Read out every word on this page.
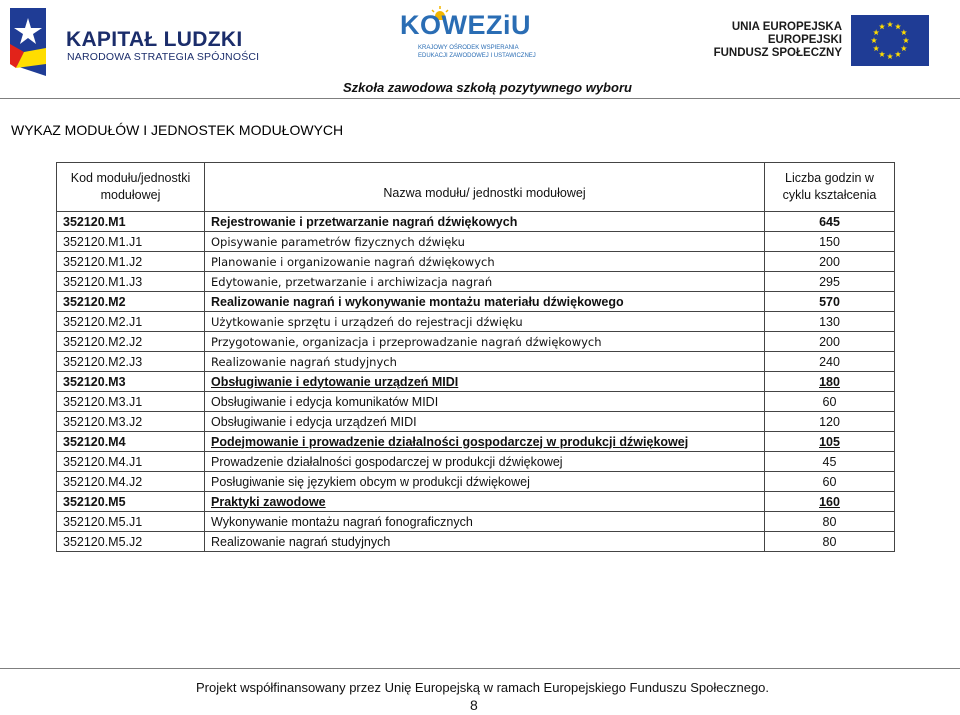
KAPITAŁ LUDZKI
NARODOWA STRATEGIA SPÓJNOŚCI
KOWEZiU
KRAJOWY OŚRODEK WSPIERANIA
EDUKACJI ZAWODOWEJ I USTAWICZNEJ
UNIA EUROPEJSKA
EUROPEJSKI
FUNDUSZ SPOŁECZNY
Szkoła zawodowa szkołą pozytywnego wyboru
WYKAZ MODUŁÓW I JEDNOSTEK MODUŁOWYCH
Kod modułu/jednostki
modułowej	Nazwa modułu/ jednostki modułowej	Liczba godzin w
cyklu kształcenia
352120.M1	Rejestrowanie i przetwarzanie nagrań dźwiękowych	645
352120.M1.J1	Opisywanie parametrów fizycznych dźwięku	150
352120.M1.J2	Planowanie i organizowanie nagrań dźwiękowych	200
352120.M1.J3	Edytowanie, przetwarzanie i archiwizacja nagrań	295
352120.M2	Realizowanie nagrań i wykonywanie montażu materiału dźwiękowego	570
352120.M2.J1	Użytkowanie sprzętu i urządzeń do rejestracji dźwięku	130
352120.M2.J2	Przygotowanie, organizacja i przeprowadzanie nagrań dźwiękowych	200
352120.M2.J3	Realizowanie nagrań studyjnych	240
352120.M3	Obsługiwanie i edytowanie urządzeń MIDI	180
352120.M3.J1	Obsługiwanie i edycja komunikatów MIDI	60
352120.M3.J2	Obsługiwanie i edycja urządzeń MIDI	120
352120.M4	Podejmowanie i prowadzenie działalności gospodarczej w produkcji dźwiękowej	105
352120.M4.J1	Prowadzenie działalności gospodarczej w produkcji dźwiękowej	45
352120.M4.J2	Posługiwanie się językiem obcym w produkcji dźwiękowej	60
352120.M5	Praktyki zawodowe	160
352120.M5.J1	Wykonywanie montażu nagrań fonograficznych	80
352120.M5.J2	Realizowanie nagrań studyjnych	80
Projekt współfinansowany przez Unię Europejską w ramach Europejskiego Funduszu Społecznego.
8
